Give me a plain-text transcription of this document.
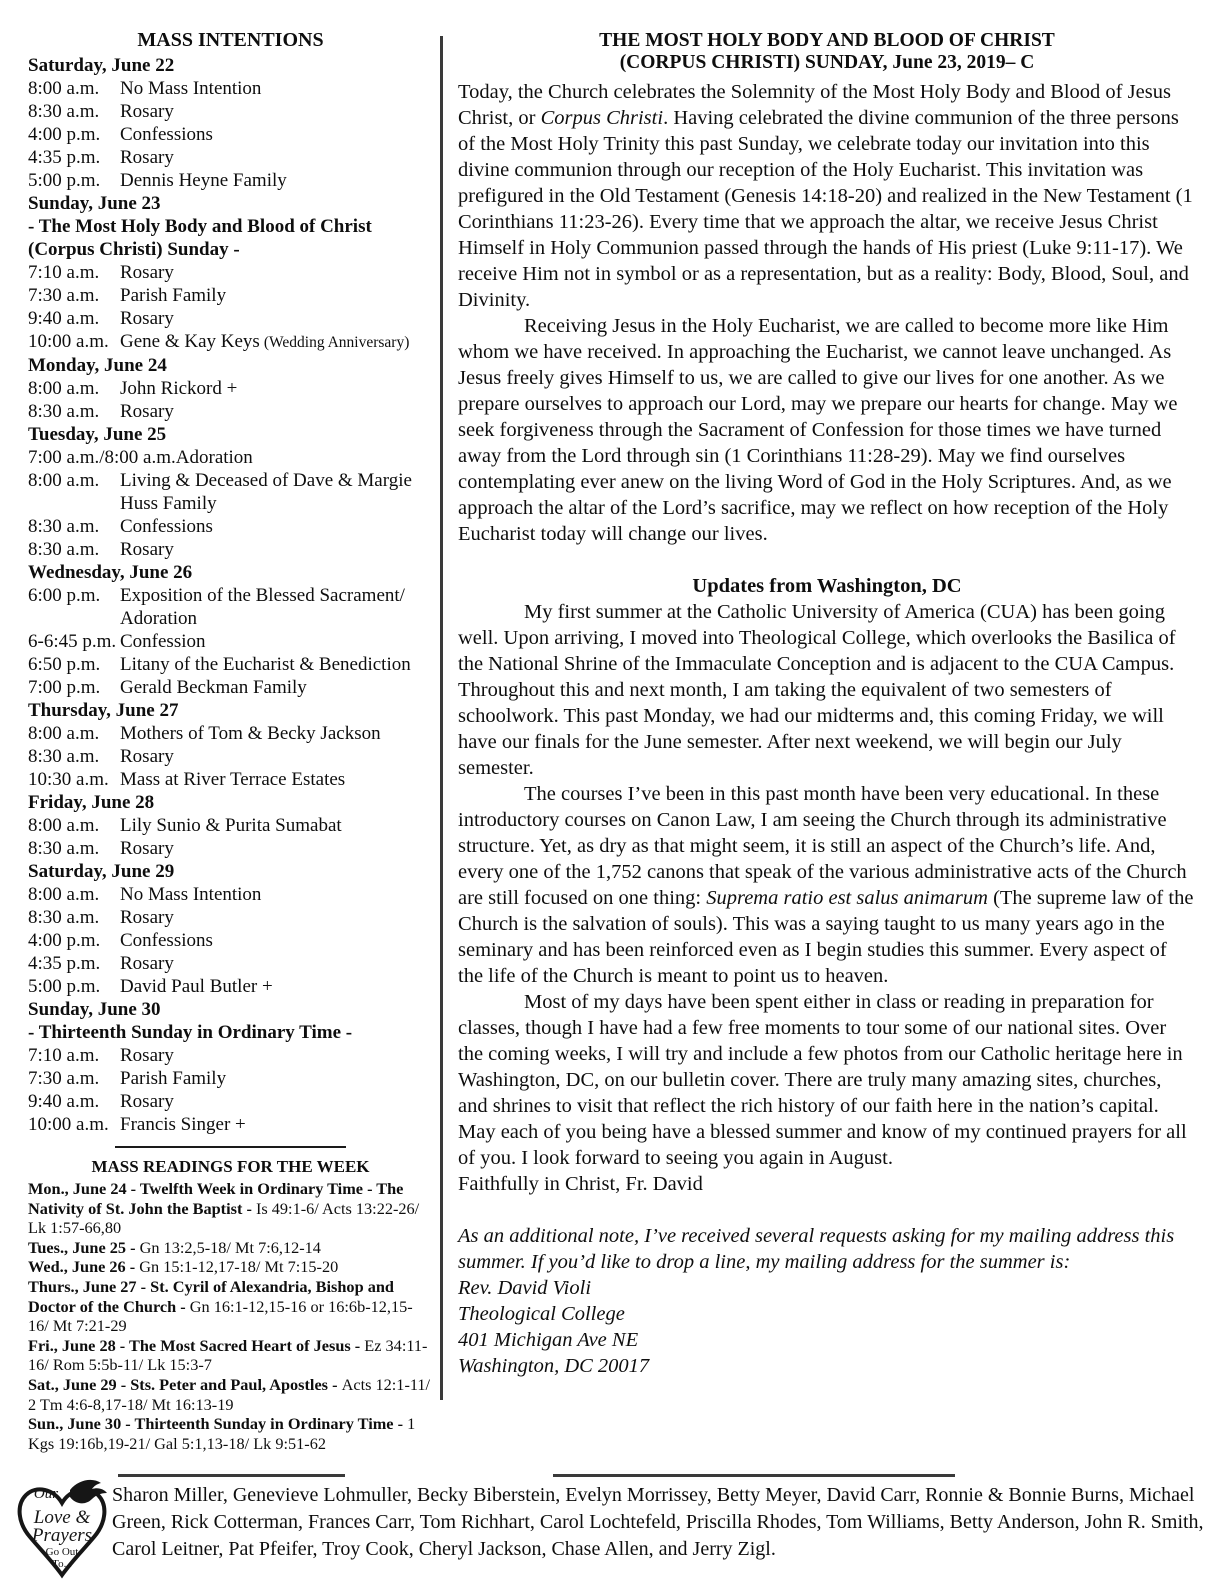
MASS INTENTIONS
Saturday, June 22
8:00 a.m.	No Mass Intention
8:30 a.m.	Rosary
4:00 p.m.	Confessions
4:35 p.m.	Rosary
5:00 p.m.	Dennis Heyne Family
Sunday, June 23
- The Most Holy Body and Blood of Christ (Corpus Christi) Sunday -
7:10 a.m.	Rosary
7:30 a.m.	Parish Family
9:40 a.m.	Rosary
10:00 a.m. Gene & Kay Keys (Wedding Anniversary)
Monday, June 24
8:00 a.m.	John Rickord +
8:30 a.m.	Rosary
Tuesday, June 25
7:00 a.m./8:00 a.m. Adoration
8:00 a.m.	Living & Deceased of Dave & Margie Huss Family
8:30 a.m.	Confessions
8:30 a.m.	Rosary
Wednesday, June 26
6:00 p.m.	Exposition of the Blessed Sacrament/ Adoration
6-6:45 p.m. Confession
6:50 p.m.	Litany of the Eucharist & Benediction
7:00 p.m.	Gerald Beckman Family
Thursday, June 27
8:00 a.m.	Mothers of Tom & Becky Jackson
8:30 a.m.	Rosary
10:30 a.m. Mass at River Terrace Estates
Friday, June 28
8:00 a.m.	Lily Sunio & Purita Sumabat
8:30 a.m.	Rosary
Saturday, June 29
8:00 a.m.	No Mass Intention
8:30 a.m.	Rosary
4:00 p.m.	Confessions
4:35 p.m.	Rosary
5:00 p.m.	David Paul Butler +
Sunday, June 30
- Thirteenth Sunday in Ordinary Time -
7:10 a.m.	Rosary
7:30 a.m.	Parish Family
9:40 a.m.	Rosary
10:00 a.m. Francis Singer +
MASS READINGS FOR THE WEEK

Mon., June 24 - Twelfth Week in Ordinary Time - The Nativity of St. John the Baptist - Is 49:1-6/ Acts 13:22-26/ Lk 1:57-66,80

Tues., June 25 - Gn 13:2,5-18/ Mt 7:6,12-14

Wed., June 26 - Gn 15:1-12,17-18/ Mt 7:15-20

Thurs., June 27 - St. Cyril of Alexandria, Bishop and Doctor of the Church - Gn 16:1-12,15-16 or 16:6b-12,15-16/ Mt 7:21-29

Fri., June 28 - The Most Sacred Heart of Jesus - Ez 34:11-16/ Rom 5:5b-11/ Lk 15:3-7

Sat., June 29 - Sts. Peter and Paul, Apostles - Acts 12:1-11/ 2 Tm 4:6-8,17-18/ Mt 16:13-19

Sun., June 30 - Thirteenth Sunday in Ordinary Time - 1 Kgs 19:16b,19-21/ Gal 5:1,13-18/ Lk 9:51-62

THE MOST HOLY BODY AND BLOOD OF CHRIST
(CORPUS CHRISTI) SUNDAY, June 23, 2019– C

Today, the Church celebrates the Solemnity of the Most Holy Body and Blood of Jesus Christ, or Corpus Christi. Having celebrated the divine communion of the three persons of the Most Holy Trinity this past Sunday, we celebrate today our invitation into this divine communion through our reception of the Holy Eucharist. This invitation was prefigured in the Old Testament (Genesis 14:18-20) and realized in the New Testament (1 Corinthians 11:23-26). Every time that we approach the altar, we receive Jesus Christ Himself in Holy Communion passed through the hands of His priest (Luke 9:11-17). We receive Him not in symbol or as a representation, but as a reality: Body, Blood, Soul, and Divinity.

Receiving Jesus in the Holy Eucharist, we are called to become more like Him whom we have received. In approaching the Eucharist, we cannot leave unchanged. As Jesus freely gives Himself to us, we are called to give our lives for one another. As we prepare ourselves to approach our Lord, may we prepare our hearts for change. May we seek forgiveness through the Sacrament of Confession for those times we have turned away from the Lord through sin (1 Corinthians 11:28-29). May we find ourselves contemplating ever anew on the living Word of God in the Holy Scriptures. And, as we approach the altar of the Lord’s sacrifice, may we reflect on how reception of the Holy Eucharist today will change our lives.

Updates from Washington, DC

My first summer at the Catholic University of America (CUA) has been going well. Upon arriving, I moved into Theological College, which overlooks the Basilica of the National Shrine of the Immaculate Conception and is adjacent to the CUA Campus. Throughout this and next month, I am taking the equivalent of two semesters of schoolwork. This past Monday, we had our midterms and, this coming Friday, we will have our finals for the June semester. After next weekend, we will begin our July semester.

The courses I’ve been in this past month have been very educational. In these introductory courses on Canon Law, I am seeing the Church through its administrative structure. Yet, as dry as that might seem, it is still an aspect of the Church’s life. And, every one of the 1,752 canons that speak of the various administrative acts of the Church are still focused on one thing: Suprema ratio est salus animarum (The supreme law of the Church is the salvation of souls). This was a saying taught to us many years ago in the seminary and has been reinforced even as I begin studies this summer. Every aspect of the life of the Church is meant to point us to heaven.

Most of my days have been spent either in class or reading in preparation for classes, though I have had a few free moments to tour some of our national sites. Over the coming weeks, I will try and include a few photos from our Catholic heritage here in Washington, DC, on our bulletin cover. There are truly many amazing sites, churches, and shrines to visit that reflect the rich history of our faith here in the nation’s capital. May each of you being have a blessed summer and know of my continued prayers for all of you. I look forward to seeing you again in August.

Faithfully in Christ, Fr. David

As an additional note, I’ve received several requests asking for my mailing address this summer. If you’d like to drop a line, my mailing address for the summer is:

Rev. David Violi

Theological College

401 Michigan Ave NE

Washington, DC 20017

Our
Love &
Prayers
Go Out
To...

Sharon Miller, Genevieve Lohmuller, Becky Biberstein, Evelyn Morrissey, Betty Meyer, David Carr, Ronnie & Bonnie Burns, Michael Green, Rick Cotterman, Frances Carr, Tom Richhart, Carol Lochtefeld, Priscilla Rhodes, Tom Williams, Betty Anderson, John R. Smith, Carol Leitner, Pat Pfeifer, Troy Cook, Cheryl Jackson, Chase Allen, and Jerry Zigl.
